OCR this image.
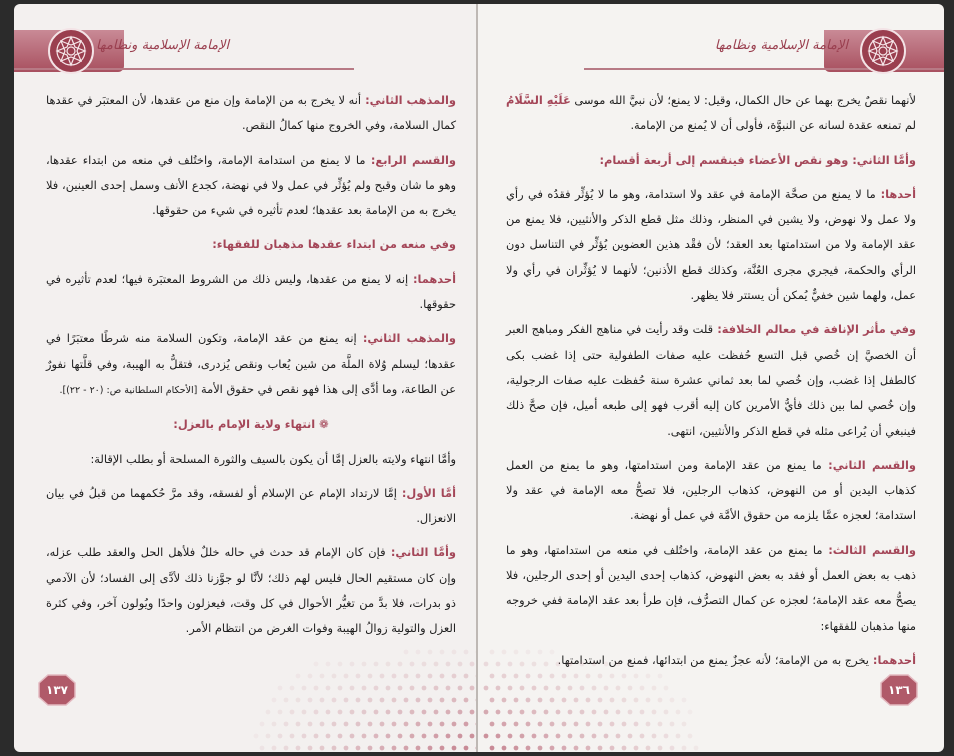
الإمامة الإسلامية ونظامها

والمذهب الثاني: أنه لا يخرج به من الإمامة وإن منع من عقدها، لأن المعتبَر في عقدها كمال السلامة، وفي الخروج منها كمالُ النقص.

والقسم الرابع: ما لا يمنع من استدامة الإمامة، واختُلف في منعه من ابتداء عقدها، وهو ما شان وقبح ولم يُؤثِّر في عمل ولا في نهضة، كجدع الأنف وسمل إحدى العينين، فلا يخرج به من الإمامة بعد عقدها؛ لعدم تأثيره في شيء من حقوقها.

وفي منعه من ابتداء عقدها مذهبان للفقهاء:

أحدهما: إنه لا يمنع من عقدها، وليس ذلك من الشروط المعتبَرة فيها؛ لعدم تأثيره في حقوقها.

والمذهب الثاني: إنه يمنع من عقد الإمامة، وتكون السلامة منه شرطًا معتبَرًا في عقدها؛ ليسلم وُلاة الملَّة من شين يُعاب ونقص يُزدرى، فتقلُّ به الهيبة، وفي قلَّتها نفورٌ عن الطاعة، وما أدَّى إلى هذا فهو نقص في حقوق الأمة [الأحكام السلطانية ص: (٢٠ - ٢٢)].

❁ انتهاء ولاية الإمام بالعزل:

وأمَّا انتهاء ولايته بالعزل إمَّا أن يكون بالسيف والثورة المسلحة أو بطلب الإقالة:

أمَّا الأول: إمَّا لارتداد الإمام عن الإسلام أو لفسقه، وقد مرَّ حُكمهما من قبلُ في بيان الانعزال.

وأمَّا الثاني: فإن كان الإمام قد حدث في حاله خللٌ فلأهل الحل والعقد طلب عزله، وإن كان مستقيم الحال فليس لهم ذلك؛ لأنَّا لو جوَّزنا ذلك لأدَّى إلى الفساد؛ لأن الآدمي ذو بدرات، فلا بدَّ من تغيُّر الأحوال في كل وقت، فيعزلون واحدًا ويُولون آخر، وفي كثرة العزل والتولية زوالُ الهيبة وفوات الغرض من انتظام الأمر.

١٣٧
الإمامة الإسلامية ونظامها

لأنهما نقصٌ يخرج بهما عن حال الكمال، وقيل: لا يمنع؛ لأن نبيَّ الله موسى عَلَيْهِ السَّلَامُ لم تمنعه عقدة لسانه عن النبوَّة، فأولى أن لا يُمنع من الإمامة.

وأمَّا الثاني: وهو نقص الأعضاء فينقسم إلى أربعة أقسام:

أحدها: ما لا يمنع من صحَّة الإمامة في عقد ولا استدامة، وهو ما لا يُؤثِّر فقدُه في رأي ولا عمل ولا نهوض، ولا يشين في المنظر، وذلك مثل قطع الذكر والأنثيين، فلا يمنع من عقد الإمامة ولا من استدامتها بعد العقد؛ لأن فقْد هذين العضوين يُؤثِّر في التناسل دون الرأي والحكمة، فيجري مجرى العُنَّة، وكذلك قطع الأذنين؛ لأنهما لا يُؤثِّران في رأي ولا عمل، ولهما شين خفيٌّ يُمكن أن يستتر فلا يظهر.

وفي مأثر الإنافة في معالم الخلافة: قلت وقد رأيت في مناهج الفكر ومباهج العبر أن الخصيَّ إن خُصي قبل التسع حُفظت عليه صفات الطفولية حتى إذا غضب بكى كالطفل إذا غضب، وإن خُصي لما بعد ثماني عشرة سنة حُفظت عليه صفات الرجولية، وإن خُصي لما بين ذلك فأيُّ الأمرين كان إليه أقرب فهو إلى طبعه أميل، فإن صحَّ ذلك فينبغي أن يُراعى مثله في قطع الذكر والأنثيين، انتهى.

والقسم الثاني: ما يمنع من عقد الإمامة ومن استدامتها، وهو ما يمنع من العمل كذهاب اليدين أو من النهوض، كذهاب الرجلين، فلا تصحُّ معه الإمامة في عقد ولا استدامة؛ لعجزه عمَّا يلزمه من حقوق الأمَّة في عمل أو نهضة.

والقسم الثالث: ما يمنع من عقد الإمامة، واختُلف في منعه من استدامتها، وهو ما ذهب به بعض العمل أو فقد به بعض النهوض، كذهاب إحدى اليدين أو إحدى الرجلين، فلا يصحُّ معه عقد الإمامة؛ لعجزه عن كمال التصرُّف، فإن طرأ بعد عقد الإمامة ففي خروجه منها مذهبان للفقهاء:

أحدهما: يخرج به من الإمامة؛ لأنه عجزٌ يمنع من ابتدائها، فمنع من استدامتها.

١٣٦
